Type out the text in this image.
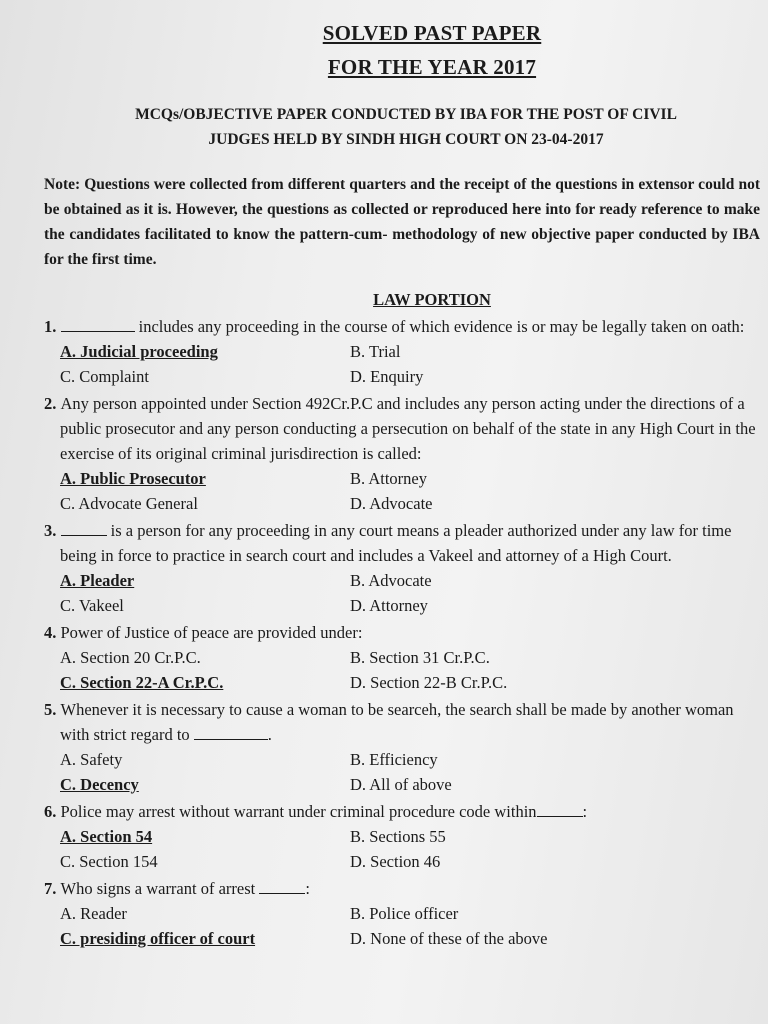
SOLVED PAST PAPER
FOR THE YEAR 2017

MCQs/OBJECTIVE PAPER CONDUCTED BY IBA FOR THE POST OF CIVIL
JUDGES HELD BY SINDH HIGH COURT ON 23-04-2017

Note: Questions were collected from different quarters and the receipt of the questions in extensor could not be obtained as it is. However, the questions as collected or reproduced here into for ready reference to make the candidates facilitated to know the pattern-cum- methodology of new objective paper conducted by IBA for the first time.

LAW PORTION

1.	includes any proceeding in the course of which evidence is or may be legally taken on oath:

A. Judicial proceeding	B. Trial
C. Complaint	D. Enquiry

2. Any person appointed under Section 492Cr.P.C and includes any person acting under the directions of a public prosecutor and any person conducting a persecution on behalf of the state in any High Court in the exercise of its original criminal jurisdirection is called:

A. Public Prosecutor	B. Attorney
C. Advocate General	D. Advocate

3.	is a person for any proceeding in any court means a pleader authorized under any law for time being in force to practice in search court and includes a Vakeel and attorney of a High Court.

A. Pleader	B. Advocate
C. Vakeel	D. Attorney

4. Power of Justice of peace are provided under:

A. Section 20 Cr.P.C.	B. Section 31 Cr.P.C.
C. Section 22-A Cr.P.C.	D. Section 22-B Cr.P.C.

5. Whenever it is necessary to cause a woman to be searceh, the search shall be made by another woman with strict regard to	.

A. Safety	B. Efficiency
C. Decency	D. All of above

6. Police may arrest without warrant under criminal procedure code within	:

A. Section 54	B. Sections 55
C. Section 154	D. Section 46

7. Who signs a warrant of arrest	:

A. Reader	B. Police officer
C. presiding officer of court	D. None of these of the above
